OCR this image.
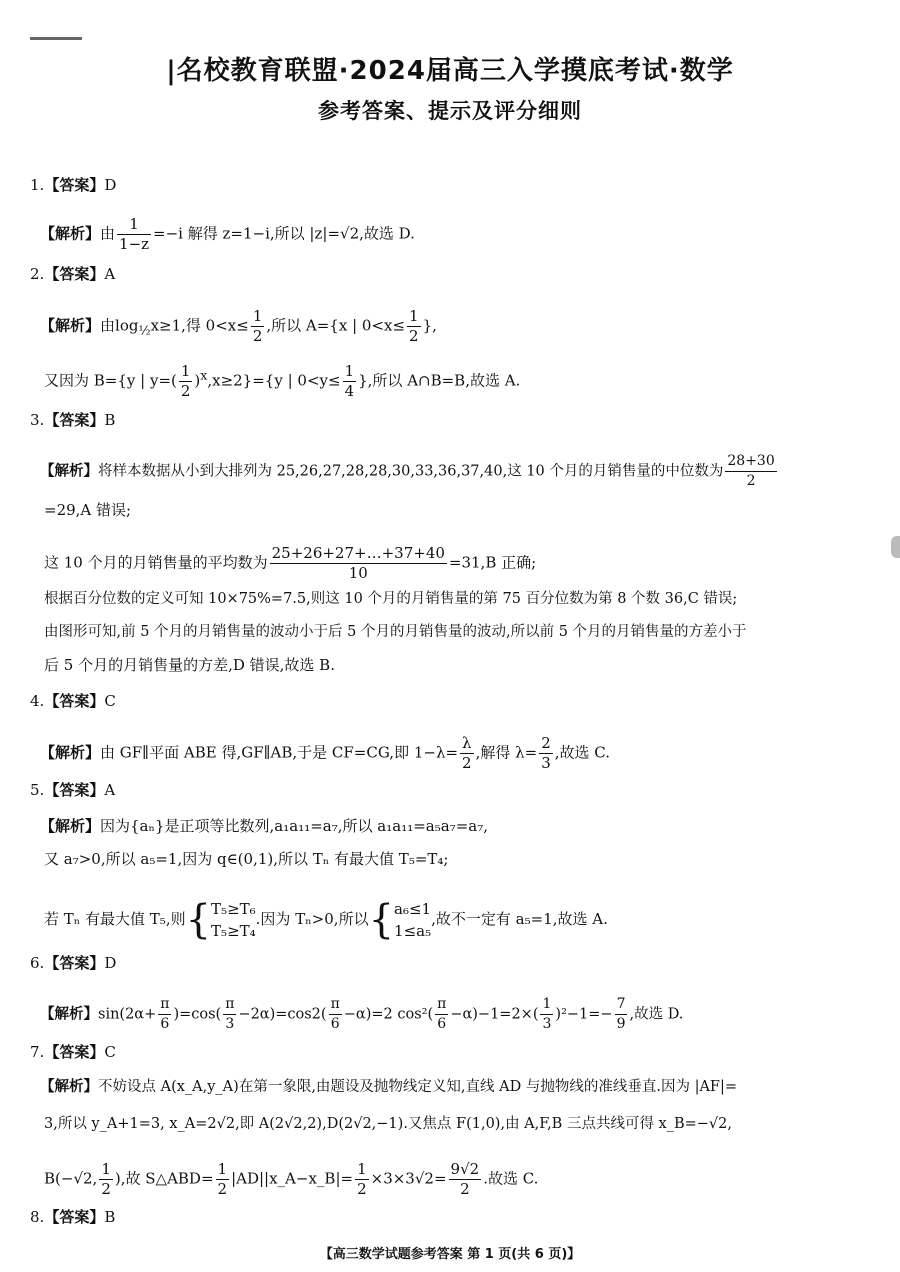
|名校教育联盟·2024届高三入学摸底考试·数学
参考答案、提示及评分细则
1.【答案】D
【解析】由 $\frac{1}{1-z} =-i$ 解得 z=1−i,所以 |z|=√2,故选 D.
2.【答案】A
【解析】由$\log_{\frac{1}{2}}x\ge 1$,得 $0<x\le \frac{1}{2}$ ,所以 A={x | $0<x\le \frac{1}{2}$ },
又因为 B={y | $y=( \frac{1}{2} )^x,x\ge 2\}=\{y$ | $0<y\le \frac{1}{4}$ },所以 A∩B=B,故选 A.
3.【答案】B
【解析】将样本数据从小到大排列为 25,26,27,28,28,30,33,36,37,40,这 10 个月的月销售量的中位数为 $\frac{28+30}{2}$
=29,A 错误;
这 10 个月的月销售量的平均数为 $\frac{25+26+27+\dots+37+40}{10} =31,B$ 正确;
根据百分位数的定义可知 10×75%=7.5,则这 10 个月的月销售量的第 75 百分位数为第 8 个数 36,C 错误;
由图形可知,前 5 个月的月销售量的波动小于后 5 个月的月销售量的波动,所以前 5 个月的月销售量的方差小于
后 5 个月的月销售量的方差,D 错误,故选 B.
4.【答案】C
【解析】由 GF∥平面 ABE 得,GF∥AB,于是 CF=CG,即 $1-\lambda= \frac{\lambda}{2}$ ,解得 $\lambda= \frac{2}{3}$ ,故选 C.
5.【答案】A
【解析】因为{aₙ}是正项等比数列,a₁a₁₁=a₇,所以 a₁a₁₁=a₅a₇=a₇,
又 a₇>0,所以 a₅=1,因为 q∈(0,1),所以 Tₙ 有最大值 T₅=T₄;
若 Tₙ 有最大值 T₅,则{ T₅≥T₆
T₅≥T₄
.因为 Tₙ>0,所以{ a₆≤1
1≤a₅
,故不一定有 a₅=1,故选 A.
6.【答案】D
【解析】$\sin(2\alpha+ \frac{\pi}{6} )=\cos( \frac{\pi}{3} -2\alpha)=\cos 2( \frac{\pi}{6} -\alpha)=2$ $\cos^2( \frac{\pi}{6} -\alpha)-1=2\times( \frac{1}{3} )^2-1=- \frac{7}{9}$ ,故选 D.
7.【答案】C
【解析】不妨设点 A(x_A,y_A)在第一象限,由题设及抛物线定义知,直线 AD 与抛物线的准线垂直.因为 |AF|=
3,所以 y_A+1=3, x_A=2√2,即 A(2√2,2),D(2√2,−1).又焦点 F(1,0),由 A,F,B 三点共线可得 x_B=−√2,
B(−√2, $\frac{1}{2}$ ),故 S△ABD= $\frac{1}{2}$ |AD||x_A−x_B|= $\frac{1}{2} \times 3\times 3√2= \frac{9√2}{2}$ .故选 C.
8.【答案】B
【高三数学试题参考答案 第 1 页(共 6 页)】
